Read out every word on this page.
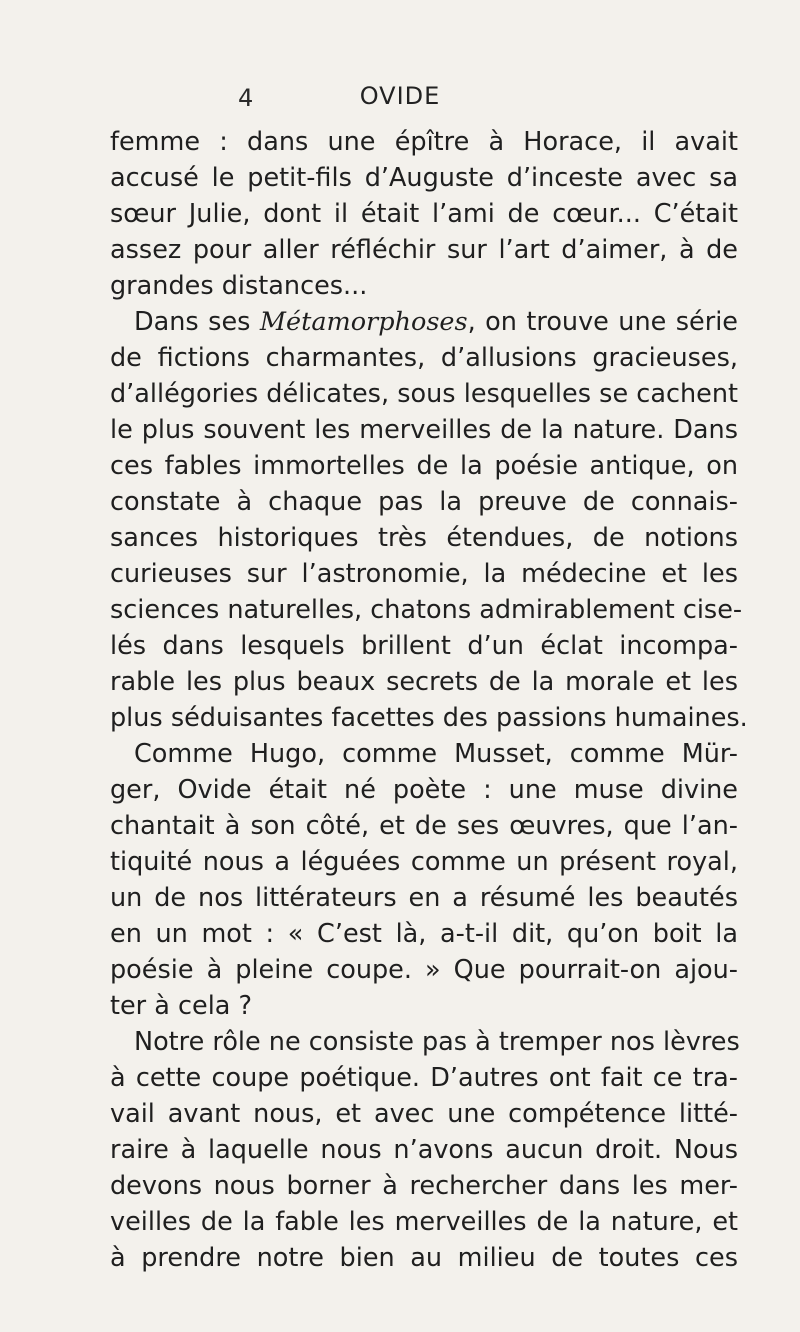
4	OVIDE
femme : dans une épître à Horace, il avait
accusé le petit-fils d’Auguste d’inceste avec sa
sœur Julie, dont il était l’ami de cœur... C’était
assez pour aller réfléchir sur l’art d’aimer, à de
grandes distances...
Dans ses Métamorphoses, on trouve une série
de fictions charmantes, d’allusions gracieuses,
d’allégories délicates, sous lesquelles se cachent
le plus souvent les merveilles de la nature. Dans
ces fables immortelles de la poésie antique, on
constate à chaque pas la preuve de connais-
sances historiques très étendues, de notions
curieuses sur l’astronomie, la médecine et les
sciences naturelles, chatons admirablement cise-
lés dans lesquels brillent d’un éclat incompa-
rable les plus beaux secrets de la morale et les
plus séduisantes facettes des passions humaines.
Comme Hugo, comme Musset, comme Mür-
ger, Ovide était né poète : une muse divine
chantait à son côté, et de ses œuvres, que l’an-
tiquité nous a léguées comme un présent royal,
un de nos littérateurs en a résumé les beautés
en un mot : « C’est là, a-t-il dit, qu’on boit la
poésie à pleine coupe. » Que pourrait-on ajou-
ter à cela ?
Notre rôle ne consiste pas à tremper nos lèvres
à cette coupe poétique. D’autres ont fait ce tra-
vail avant nous, et avec une compétence litté-
raire à laquelle nous n’avons aucun droit. Nous
devons nous borner à rechercher dans les mer-
veilles de la fable les merveilles de la nature, et
à prendre notre bien au milieu de toutes ces
